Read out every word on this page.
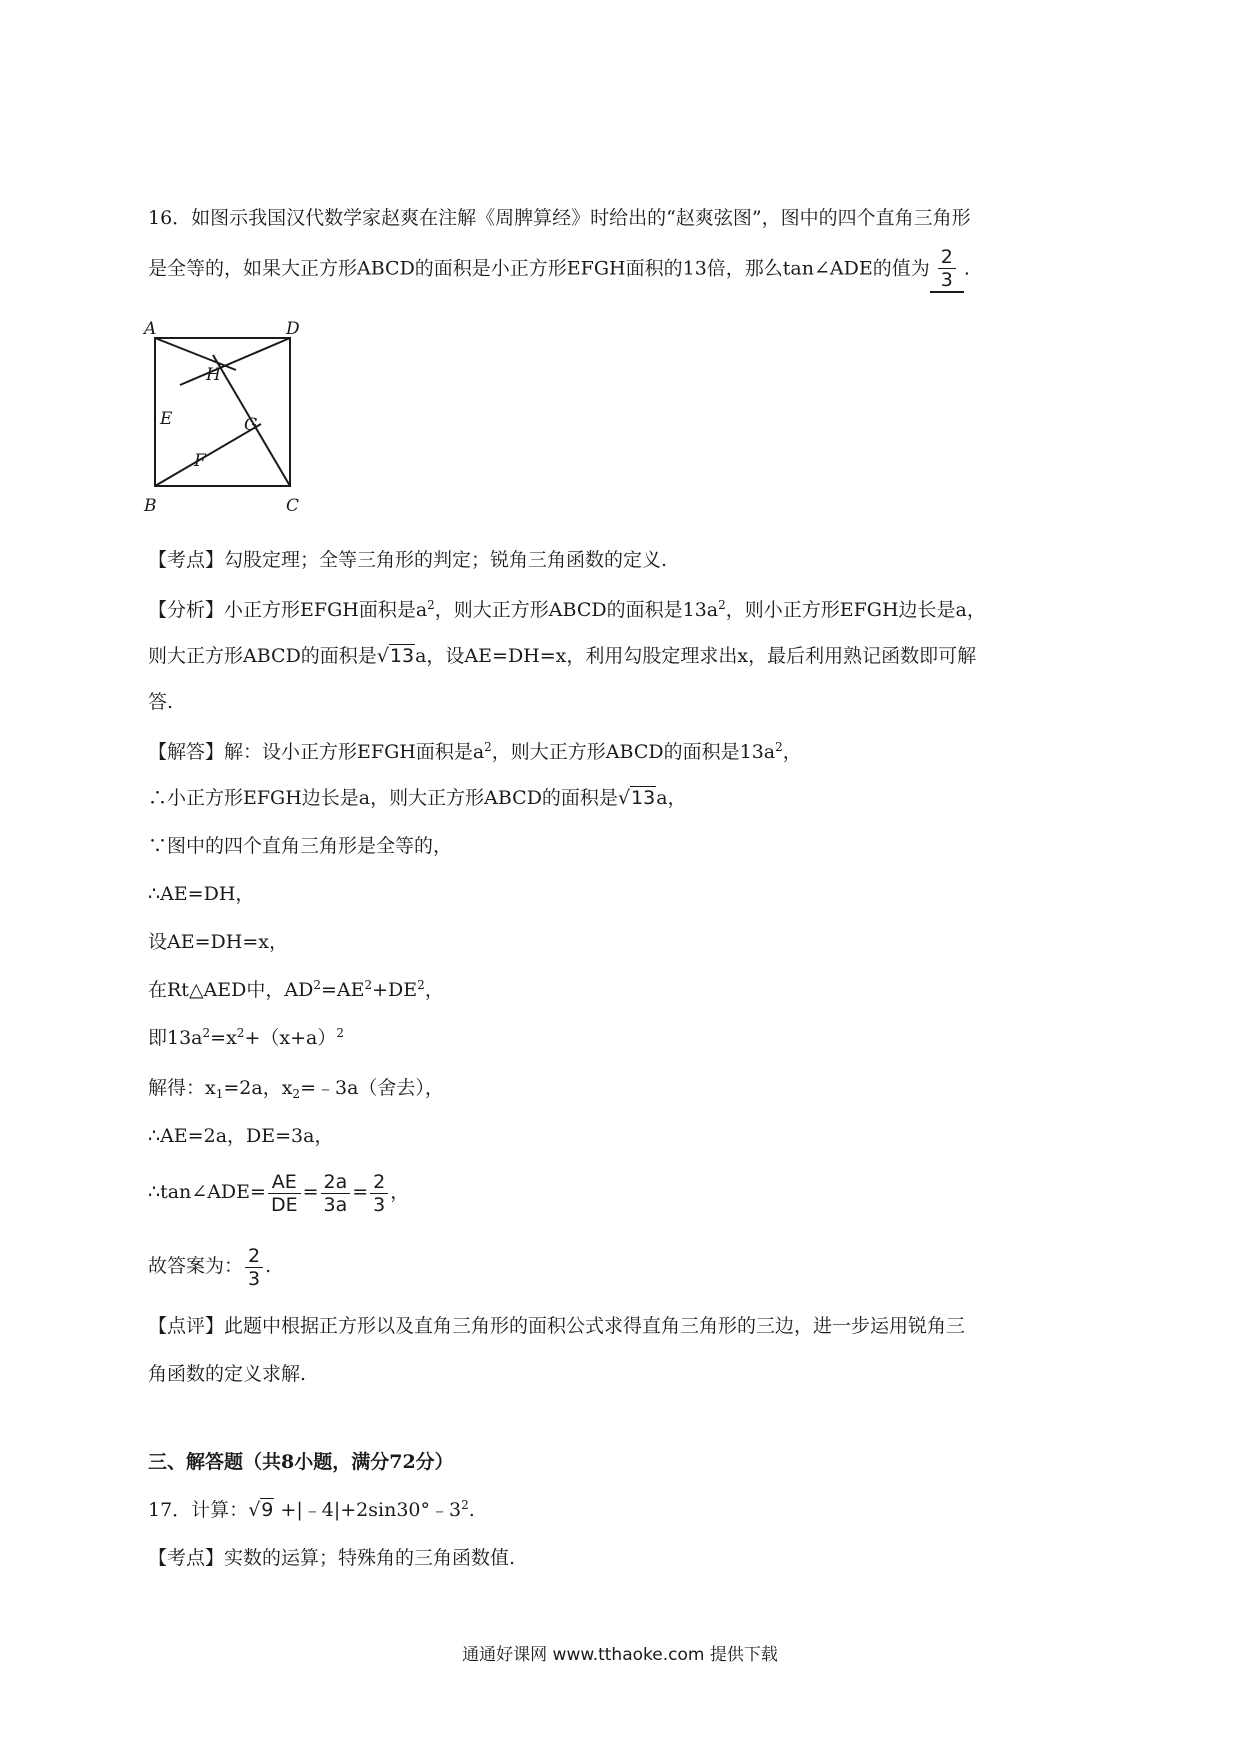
16．如图示我国汉代数学家赵爽在注解《周脾算经》时给出的“赵爽弦图”，图中的四个直角三角形
是全等的，如果大正方形ABCD的面积是小正方形EFGH面积的13倍，那么tan∠ADE的值为 $\frac{2}{3}$ .
A	D
H
E	G
F
B	C
【考点】勾股定理；全等三角形的判定；锐角三角函数的定义.
【分析】小正方形EFGH面积是$a^2$，则大正方形ABCD的面积是$13a^2$，则小正方形EFGH边长是a，
则大正方形ABCD的面积是√13a，设AE=DH=x，利用勾股定理求出x，最后利用熟记函数即可解
答.
【解答】解：设小正方形EFGH面积是$a^2$，则大正方形ABCD的面积是$13a^2$，
∴小正方形EFGH边长是a，则大正方形ABCD的面积是√13a，
∵图中的四个直角三角形是全等的，
∴AE=DH，
设AE=DH=x，
在Rt△AED中，$AD^2=AE^2+DE^2$，
即$13a^2=x^2+(x+a)^2$
解得：$x_1=2a$，$x_2=﹣3a$（舍去），
∴AE=2a，DE=3a，
∴tan∠ADE= $\frac{AE}{DE} = \frac{2a}{3a} = \frac{2}{3}$ ，
故答案为： $\frac{2}{3}$ .
【点评】此题中根据正方形以及直角三角形的面积公式求得直角三角形的三边，进一步运用锐角三
角函数的定义求解.
三、解答题（共8小题，满分72分）
17．计算：$√9 +|﹣4|+2\sin 30^\circ﹣3^2$.
【考点】实数的运算；特殊角的三角函数值.
通通好课网 www.tthaoke.com 提供下载
